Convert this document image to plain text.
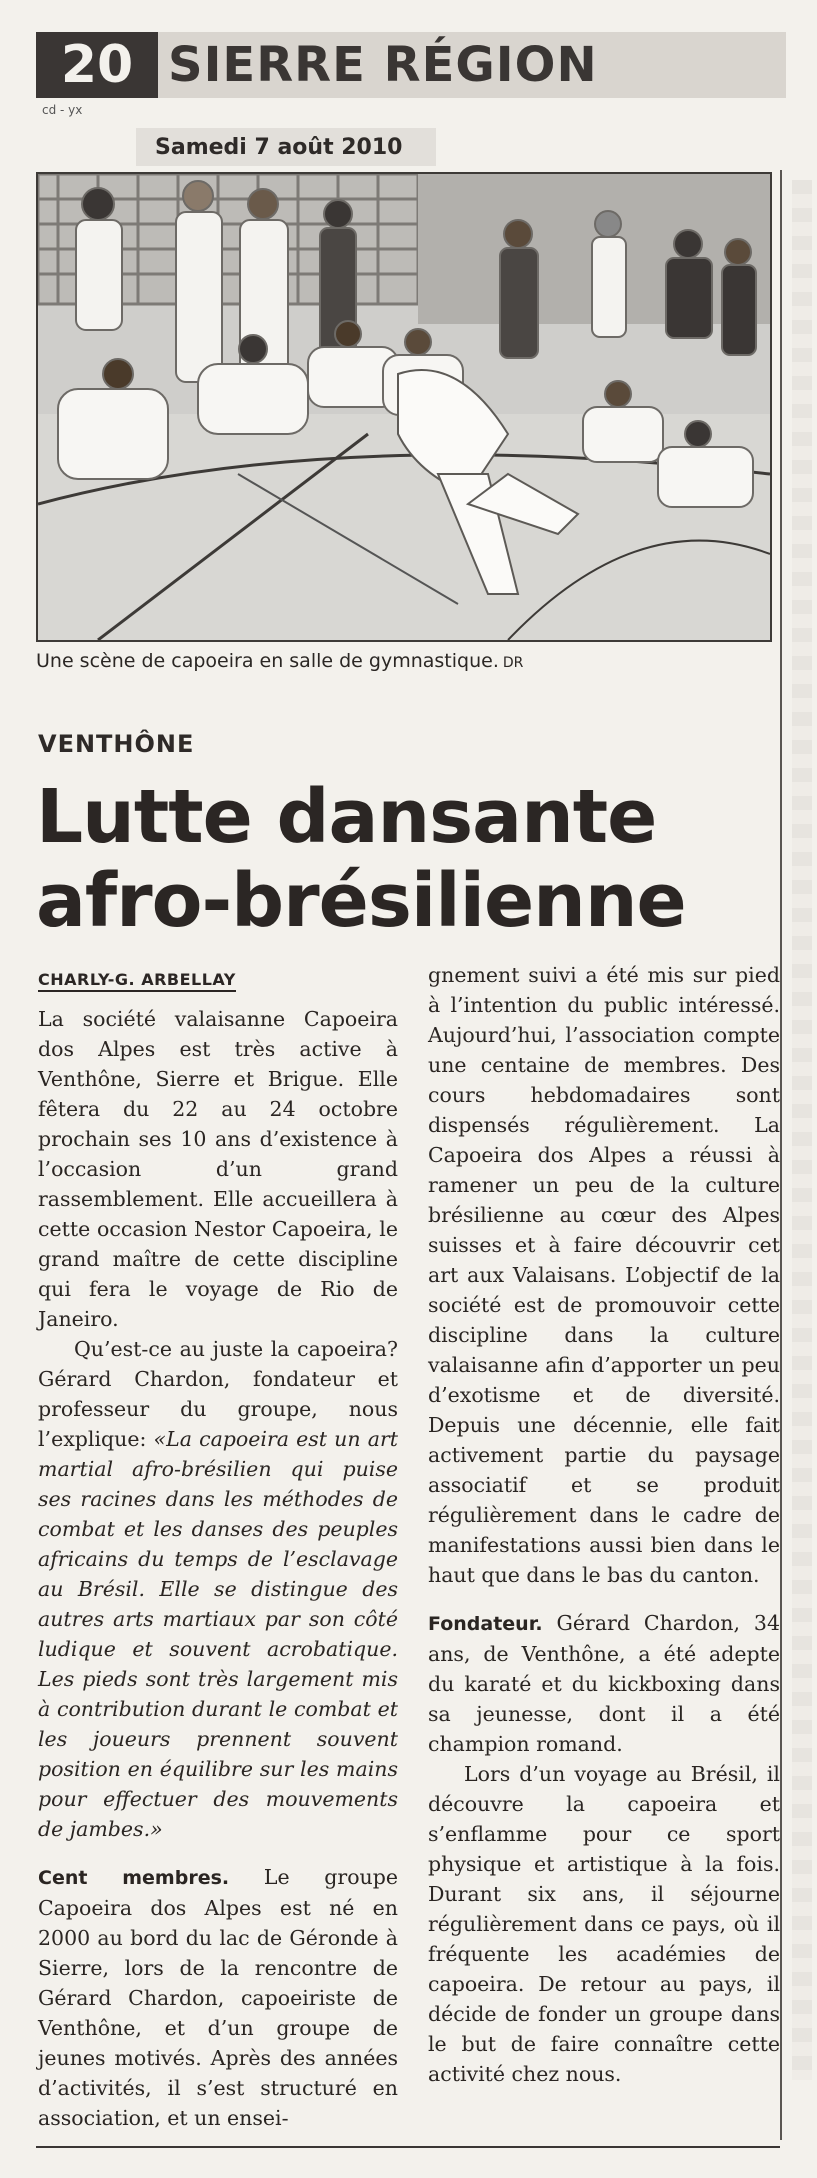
20 SIERRE RÉGION
cd - yx
Samedi 7 août 2010
Une scène de capoeira en salle de gymnastique. DR
VENTHÔNE
Lutte dansante
afro-brésilienne
CHARLY-G. ARBELLAY

La société valaisanne Capoeira dos Alpes est très active à Venthône, Sierre et Brigue. Elle fêtera du 22 au 24 octobre prochain ses 10 ans d’existence à l’occasion d’un grand rassemblement. Elle accueillera à cette occasion Nestor Capoeira, le grand maître de cette discipline qui fera le voyage de Rio de Janeiro.

Qu’est-ce au juste la capoeira? Gérard Chardon, fondateur et professeur du groupe, nous l’explique: «La capoeira est un art martial afro-brésilien qui puise ses racines dans les méthodes de combat et les danses des peuples africains du temps de l’esclavage au Brésil. Elle se distingue des autres arts martiaux par son côté ludique et souvent acrobatique. Les pieds sont très largement mis à contribution durant le combat et les joueurs prennent souvent position en équilibre sur les mains pour effectuer des mouvements de jambes.»

Cent membres. Le groupe Capoeira dos Alpes est né en 2000 au bord du lac de Géronde à Sierre, lors de la rencontre de Gérard Chardon, capoeiriste de Venthône, et d’un groupe de jeunes motivés. Après des années d’activités, il s’est structuré en association, et un ensei-

gnement suivi a été mis sur pied à l’intention du public intéressé. Aujourd’hui, l’association compte une centaine de membres. Des cours hebdomadaires sont dispensés régulièrement. La Capoeira dos Alpes a réussi à ramener un peu de la culture brésilienne au cœur des Alpes suisses et à faire découvrir cet art aux Valaisans. L’objectif de la société est de promouvoir cette discipline dans la culture valaisanne afin d’apporter un peu d’exotisme et de diversité. Depuis une décennie, elle fait activement partie du paysage associatif et se produit régulièrement dans le cadre de manifestations aussi bien dans le haut que dans le bas du canton.

Fondateur. Gérard Chardon, 34 ans, de Venthône, a été adepte du karaté et du kickboxing dans sa jeunesse, dont il a été champion romand.

Lors d’un voyage au Brésil, il découvre la capoeira et s’enflamme pour ce sport physique et artistique à la fois. Durant six ans, il séjourne régulièrement dans ce pays, où il fréquente les académies de capoeira. De retour au pays, il décide de fonder un groupe dans le but de faire connaître cette activité chez nous.
